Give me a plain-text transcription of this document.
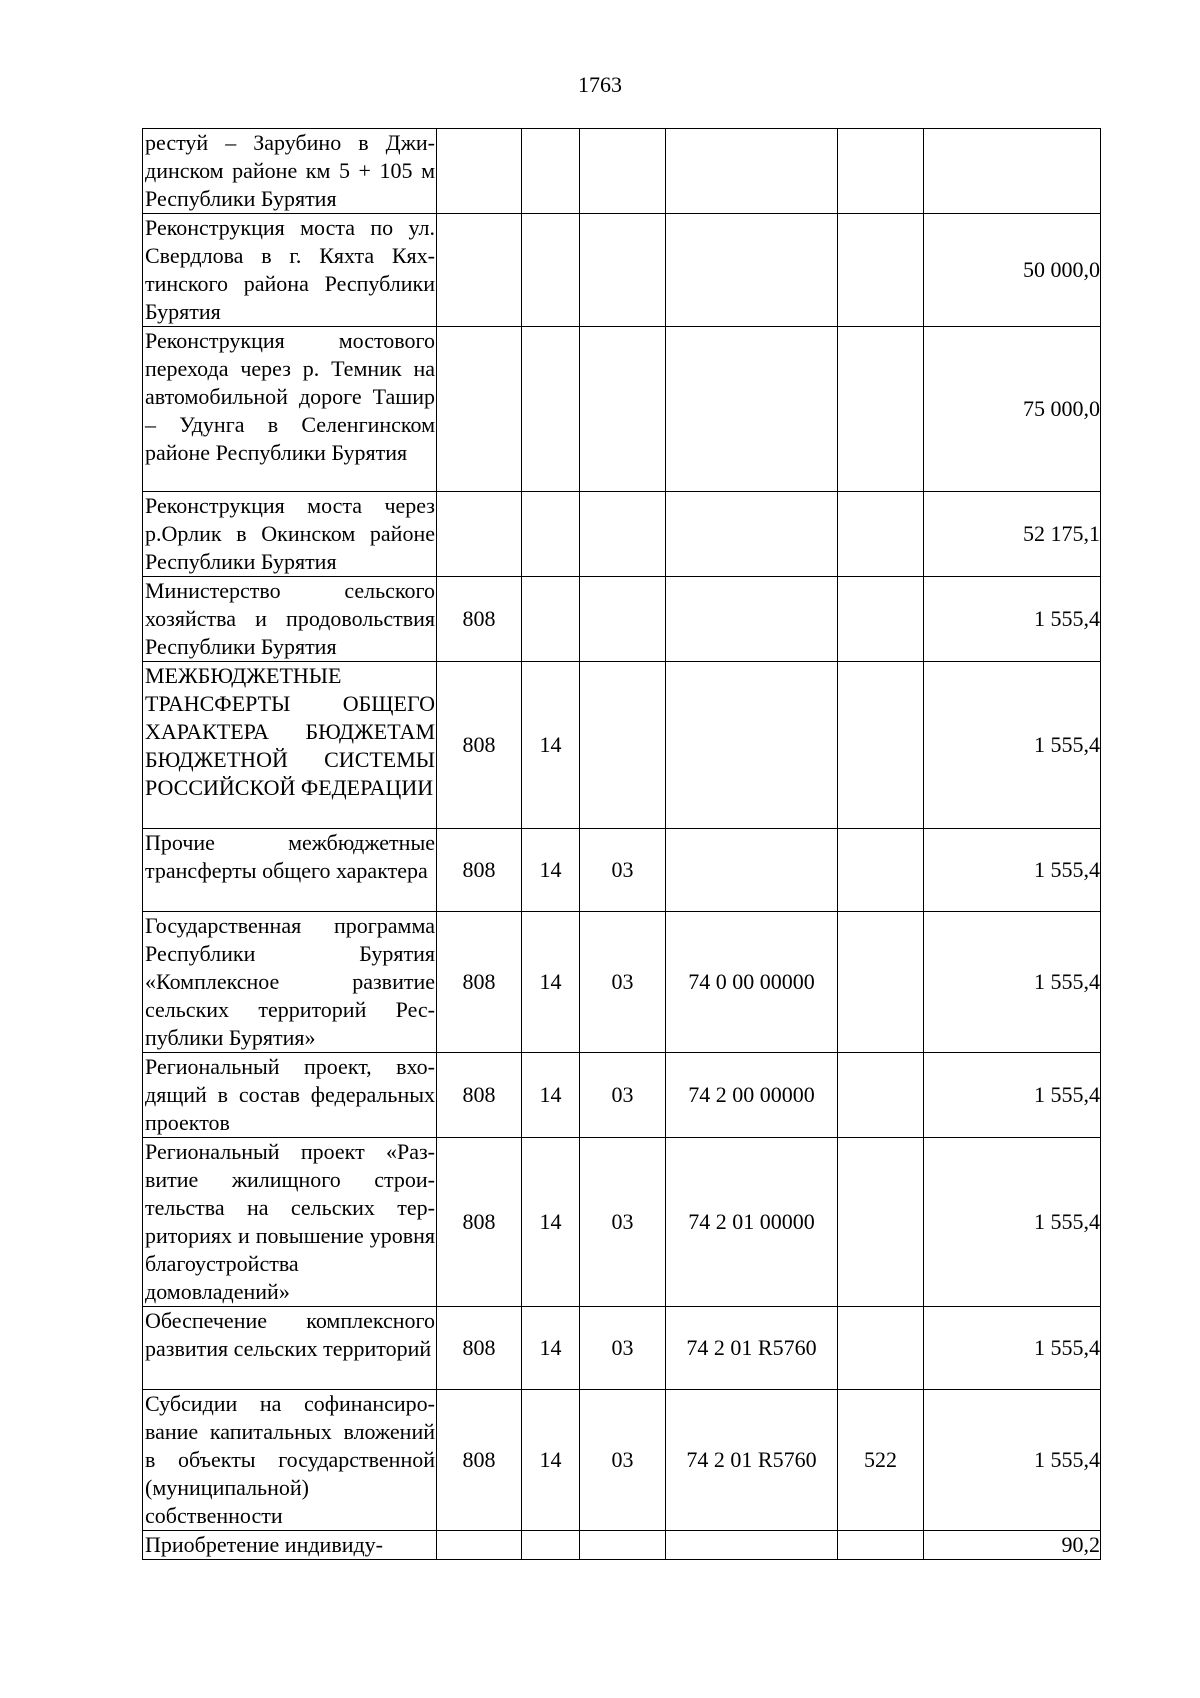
1763
рестуй – Зарубино в Джидинском районе км 5 + 105 м Республики Бурятия						
Реконструкция моста по ул. Свердлова в г. Кяхта Кяхтинского района Республики Бурятия						50 000,0
Реконструкция мостового перехода через р. Темник на автомобильной дороге Ташир – Удунга в Селенгинском районе Республики Бурятия						75 000,0
Реконструкция моста через р.Орлик в Окинском районе Республики Бурятия						52 175,1
Министерство сельского хозяйства и продовольствия Республики Бурятия	808					1 555,4
МЕЖБЮДЖЕТНЫЕ ТРАНСФЕРТЫ ОБЩЕГО ХАРАКТЕРА БЮДЖЕТАМ БЮДЖЕТНОЙ СИСТЕМЫ РОССИЙСКОЙ ФЕДЕРАЦИИ	808	14				1 555,4
Прочие межбюджетные трансферты общего характера	808	14	03			1 555,4
Государственная программа Республики Бурятия «Комплексное развитие сельских территорий Республики Бурятия»	808	14	03	74 0 00 00000		1 555,4
Региональный проект, входящий в состав федеральных проектов	808	14	03	74 2 00 00000		1 555,4
Региональный проект «Развитие жилищного строительства на сельских территориях и повышение уровня благоустройства домовладений»	808	14	03	74 2 01 00000		1 555,4
Обеспечение комплексного развития сельских территорий	808	14	03	74 2 01 R5760		1 555,4
Субсидии на софинансирование капитальных вложений в объекты государственной (муниципальной) собственности	808	14	03	74 2 01 R5760	522	1 555,4
Приобретение индивиду-						90,2
